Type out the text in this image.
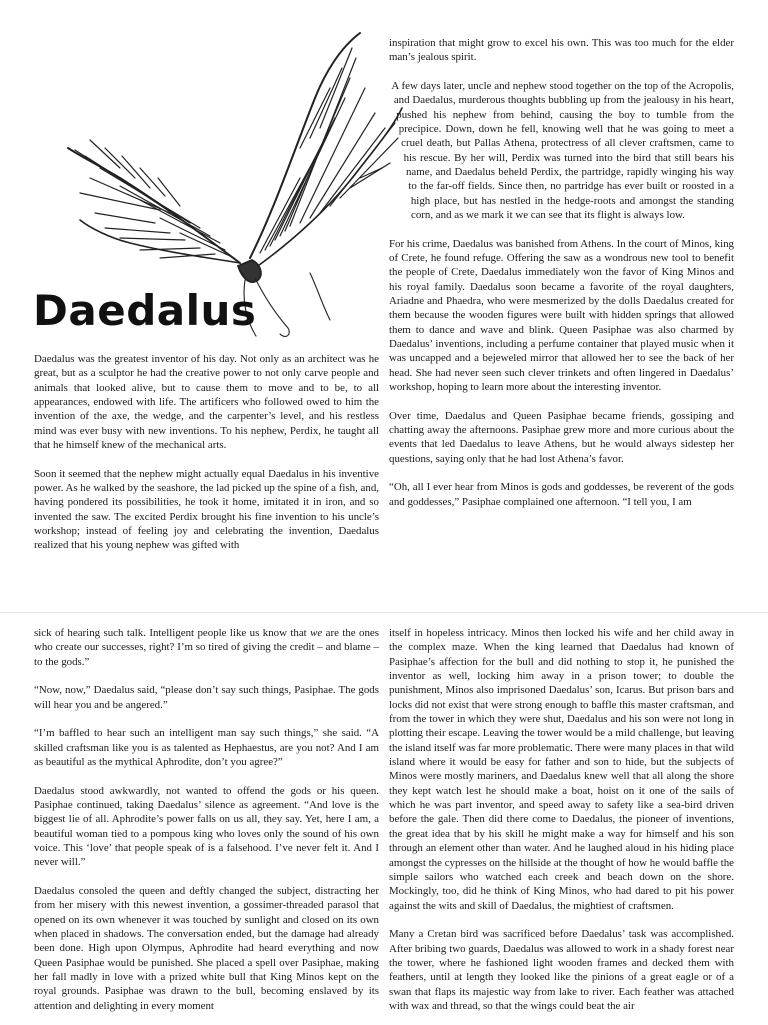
Daedalus

Daedalus was the greatest inventor of his day. Not only as an architect was he great, but as a sculptor he had the creative power to not only carve people and animals that looked alive, but to cause them to move and to be, to all appearances, endowed with life. The artificers who followed owed to him the invention of the axe, the wedge, and the carpenter’s level, and his restless mind was ever busy with new inventions. To his nephew, Perdix, he taught all that he himself knew of the mechanical arts.

Soon it seemed that the nephew might actually equal Daedalus in his inventive power. As he walked by the seashore, the lad picked up the spine of a fish, and, having pondered its possibilities, he took it home, imitated it in iron, and so invented the saw. The excited Perdix brought his fine invention to his uncle’s workshop; instead of feeling joy and celebrating the invention, Daedalus realized that his young nephew was gifted with

inspiration that might grow to excel his own. This was too much for the elder man’s jealous spirit.

A few days later, uncle and nephew stood together on the top of the Acropolis, and Daedalus, murderous thoughts bubbling up from the jealousy in his heart, pushed his nephew from behind, causing the boy to tumble from the precipice. Down, down he fell, knowing well that he was going to meet a cruel death, but Pallas Athena, protectress of all clever craftsmen, came to his rescue. By her will, Perdix was turned into the bird that still bears his name, and Daedalus beheld Perdix, the partridge, rapidly winging his way to the far-off fields. Since then, no partridge has ever built or roosted in a high place, but has nestled in the hedge-roots and amongst the standing corn, and as we mark it we can see that its flight is always low.

For his crime, Daedalus was banished from Athens. In the court of Minos, king of Crete, he found refuge. Offering the saw as a wondrous new tool to benefit the people of Crete, Daedalus immediately won the favor of King Minos and his royal family. Daedalus soon became a favorite of the royal daughters, Ariadne and Phaedra, who were mesmerized by the dolls Daedalus created for them because the wooden figures were built with hidden springs that allowed them to dance and wave and blink. Queen Pasiphae was also charmed by Daedalus’ inventions, including a perfume container that played music when it was uncapped and a bejeweled mirror that allowed her to see the back of her head. She had never seen such clever trinkets and often lingered in Daedalus’ workshop, hoping to learn more about the interesting inventor.

Over time, Daedalus and Queen Pasiphae became friends, gossiping and chatting away the afternoons. Pasiphae grew more and more curious about the events that led Daedalus to leave Athens, but he would always sidestep her questions, saying only that he had lost Athena’s favor.

“Oh, all I ever hear from Minos is gods and goddesses, be reverent of the gods and goddesses,” Pasiphae complained one afternoon. “I tell you, I am

sick of hearing such talk. Intelligent people like us know that we are the ones who create our successes, right? I’m so tired of giving the credit – and blame – to the gods.”

“Now, now,” Daedalus said, “please don’t say such things, Pasiphae. The gods will hear you and be angered.”

“I’m baffled to hear such an intelligent man say such things,” she said. “A skilled craftsman like you is as talented as Hephaestus, are you not? And I am as beautiful as the mythical Aphrodite, don’t you agree?”

Daedalus stood awkwardly, not wanted to offend the gods or his queen. Pasiphae continued, taking Daedalus’ silence as agreement. “And love is the biggest lie of all. Aphrodite’s power falls on us all, they say. Yet, here I am, a beautiful woman tied to a pompous king who loves only the sound of his own voice. This ‘love’ that people speak of is a falsehood. I’ve never felt it. And I never will.”

Daedalus consoled the queen and deftly changed the subject, distracting her from her misery with this newest invention, a gossimer-threaded parasol that opened on its own whenever it was touched by sunlight and closed on its own when placed in shadows. The conversation ended, but the damage had already been done. High upon Olympus, Aphrodite had heard everything and now Queen Pasiphae would be punished. She placed a spell over Pasiphae, making her fall madly in love with a prized white bull that King Minos kept on the royal grounds. Pasiphae was drawn to the bull, becoming enslaved by its attention and delighting in every moment

itself in hopeless intricacy. Minos then locked his wife and her child away in the complex maze. When the king learned that Daedalus had known of Pasiphae’s affection for the bull and did nothing to stop it, he punished the inventor as well, locking him away in a prison tower; to double the punishment, Minos also imprisoned Daedalus’ son, Icarus. But prison bars and locks did not exist that were strong enough to baffle this master craftsman, and from the tower in which they were shut, Daedalus and his son were not long in plotting their escape. Leaving the tower would be a mild challenge, but leaving the island itself was far more problematic. There were many places in that wild island where it would be easy for father and son to hide, but the subjects of Minos were mostly mariners, and Daedalus knew well that all along the shore they kept watch lest he should make a boat, hoist on it one of the sails of which he was part inventor, and speed away to safety like a sea-bird driven before the gale. Then did there come to Daedalus, the pioneer of inventions, the great idea that by his skill he might make a way for himself and his son through an element other than water. And he laughed aloud in his hiding place amongst the cypresses on the hillside at the thought of how he would baffle the simple sailors who watched each creek and beach down on the shore. Mockingly, too, did he think of King Minos, who had dared to pit his power against the wits and skill of Daedalus, the mightiest of craftsmen.

Many a Cretan bird was sacrificed before Daedalus’ task was accomplished. After bribing two guards, Daedalus was allowed to work in a shady forest near the tower, where he fashioned light wooden frames and decked them with feathers, until at length they looked like the pinions of a great eagle or of a swan that flaps its majestic way from lake to river. Each feather was attached with wax and thread, so that the wings could beat the air
